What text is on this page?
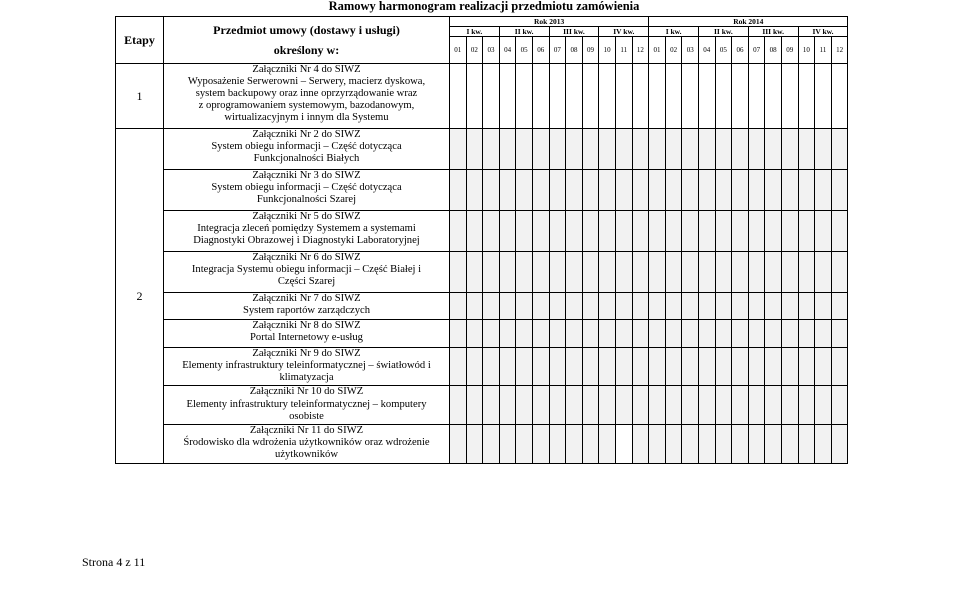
Ramowy harmonogram realizacji przedmiotu zamówienia
Etapy	Przedmiot umowy (dostawy i usługi)
określony w:	Rok 2013												Rok 2014											
		I kw.			II kw.			III kw.			IV kw.			I kw.			II kw.			III kw.			IV kw.		
		01	02	03	04	05	06	07	08	09	10	11	12	01	02	03	04	05	06	07	08	09	10	11	12
1	Załączniki Nr 4 do SIWZ
Wyposażenie Serwerowni – Serwery, macierz dyskowa,
system backupowy oraz inne oprzyrządowanie wraz
z oprogramowaniem systemowym, bazodanowym,
wirtualizacyjnym i innym dla Systemu																								

2	Załączniki Nr 2 do SIWZ
System obiegu informacji – Część dotycząca
Funkcjonalności Białych																								

	Załączniki Nr 3 do SIWZ
System obiegu informacji – Część dotycząca
Funkcjonalności Szarej																								

	Załączniki Nr 5 do SIWZ
Integracja zleceń pomiędzy Systemem a systemami
Diagnostyki Obrazowej i Diagnostyki Laboratoryjnej																								

	Załączniki Nr 6 do SIWZ
Integracja Systemu obiegu informacji – Część Białej i
Części Szarej																								

	Załączniki Nr 7 do SIWZ
System raportów zarządczych																								

	Załączniki Nr 8 do SIWZ
Portal Internetowy e-usług																								

	Załączniki Nr 9 do SIWZ
Elementy infrastruktury teleinformatycznej – światłowód i
klimatyzacja																								

	Załączniki Nr 10 do SIWZ
Elementy infrastruktury teleinformatycznej – komputery
osobiste																								

	Załączniki Nr 11 do SIWZ
Środowisko dla wdrożenia użytkowników oraz wdrożenie
użytkowników																								

Strona 4 z 11
